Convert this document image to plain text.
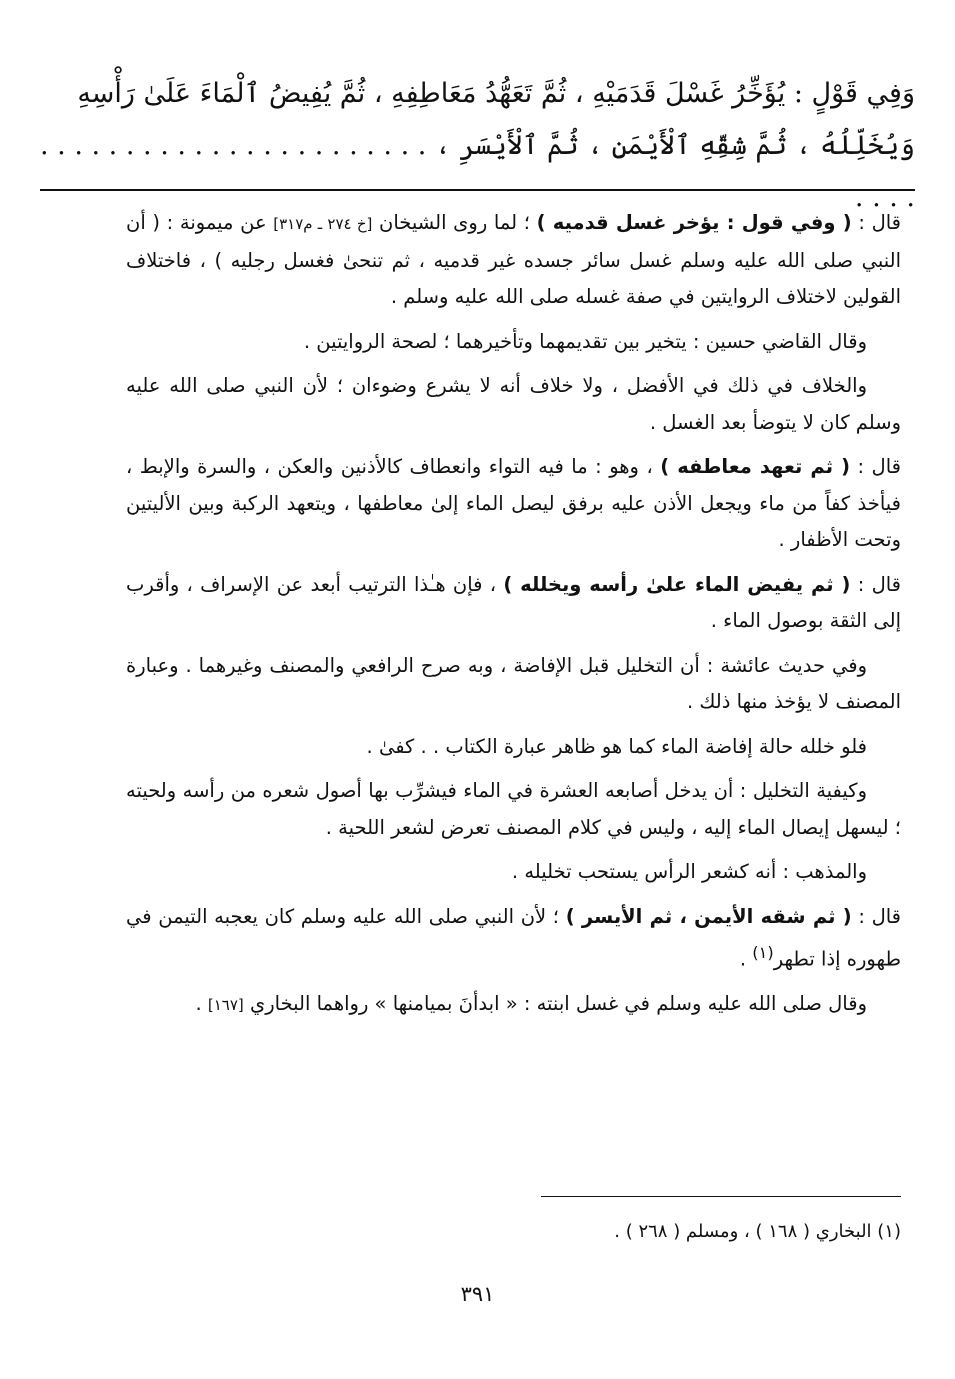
وَفِي قَوْلٍ : يُؤَخِّرُ غَسْلَ قَدَمَيْهِ ، ثُمَّ تَعَهُّدُ مَعَاطِفِهِ ، ثُمَّ يُفِيضُ ٱلْمَاءَ عَلَىٰ رَأْسِهِ

وَيُخَلِّلُهُ ، ثُمَّ شِقِّهِ ٱلْأَيْمَنِ ، ثُمَّ ٱلْأَيْسَرِ ، . . . . . . . . . . . . . . . . . . . . . . . . . . .

قال : ( وفي قول : يؤخر غسل قدميه ) ؛ لما روى الشيخان [خ ٢٧٤ ـ م٣١٧] عن ميمونة : ( أن النبي صلى الله عليه وسلم غسل سائر جسده غير قدميه ، ثم تنحىٰ فغسل رجليه ) ، فاختلاف القولين لاختلاف الروايتين في صفة غسله صلى الله عليه وسلم .

وقال القاضي حسين : يتخير بين تقديمهما وتأخيرهما ؛ لصحة الروايتين .

والخلاف في ذلك في الأفضل ، ولا خلاف أنه لا يشرع وضوءان ؛ لأن النبي صلى الله عليه وسلم كان لا يتوضأ بعد الغسل .

قال : ( ثم تعهد معاطفه ) ، وهو : ما فيه التواء وانعطاف كالأذنين والعكن ، والسرة والإبط ، فيأخذ كفاً من ماء ويجعل الأذن عليه برفق ليصل الماء إلىٰ معاطفها ، ويتعهد الركبة وبين الأليتين وتحت الأظفار .

قال : ( ثم يفيض الماء علىٰ رأسه ويخلله ) ، فإن هـٰذا الترتيب أبعد عن الإسراف ، وأقرب إلى الثقة بوصول الماء .

وفي حديث عائشة : أن التخليل قبل الإفاضة ، وبه صرح الرافعي والمصنف وغيرهما . وعبارة المصنف لا يؤخذ منها ذلك .

فلو خلله حالة إفاضة الماء كما هو ظاهر عبارة الكتاب . . كفىٰ .

وكيفية التخليل : أن يدخل أصابعه العشرة في الماء فيشرِّب بها أصول شعره من رأسه ولحيته ؛ ليسهل إيصال الماء إليه ، وليس في كلام المصنف تعرض لشعر اللحية .

والمذهب : أنه كشعر الرأس يستحب تخليله .

قال : ( ثم شقه الأيمن ، ثم الأيسر ) ؛ لأن النبي صلى الله عليه وسلم كان يعجبه التيمن في طهوره إذا تطهر$^{(١)}$ .

وقال صلى الله عليه وسلم في غسل ابنته : « ابدأنَ بميامنها » رواهما البخاري [١٦٧] .

(١) البخاري ( ١٦٨ ) ، ومسلم ( ٢٦٨ ) .
٣٩١
